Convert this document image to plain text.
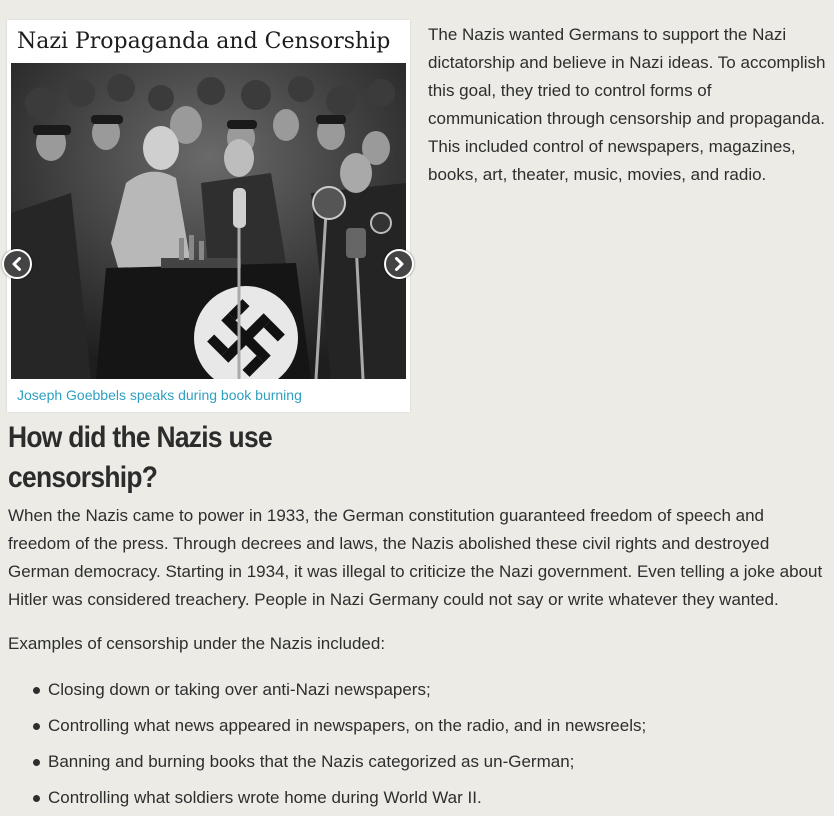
Nazi Propaganda and Censorship
Joseph Goebbels speaks during book burning

The Nazis wanted Germans to support the Nazi dictatorship and believe in Nazi ideas. To accomplish this goal, they tried to control forms of communication through censorship and propaganda. This included control of newspapers, magazines, books, art, theater, music, movies, and radio.

How did the Nazis use censorship?

When the Nazis came to power in 1933, the German constitution guaranteed freedom of speech and freedom of the press. Through decrees and laws, the Nazis abolished these civil rights and destroyed German democracy. Starting in 1934, it was illegal to criticize the Nazi government. Even telling a joke about Hitler was considered treachery. People in Nazi Germany could not say or write whatever they wanted.

Examples of censorship under the Nazis included:

Closing down or taking over anti-Nazi newspapers;
Controlling what news appeared in newspapers, on the radio, and in newsreels;
Banning and burning books that the Nazis categorized as un-German;
Controlling what soldiers wrote home during World War II.
